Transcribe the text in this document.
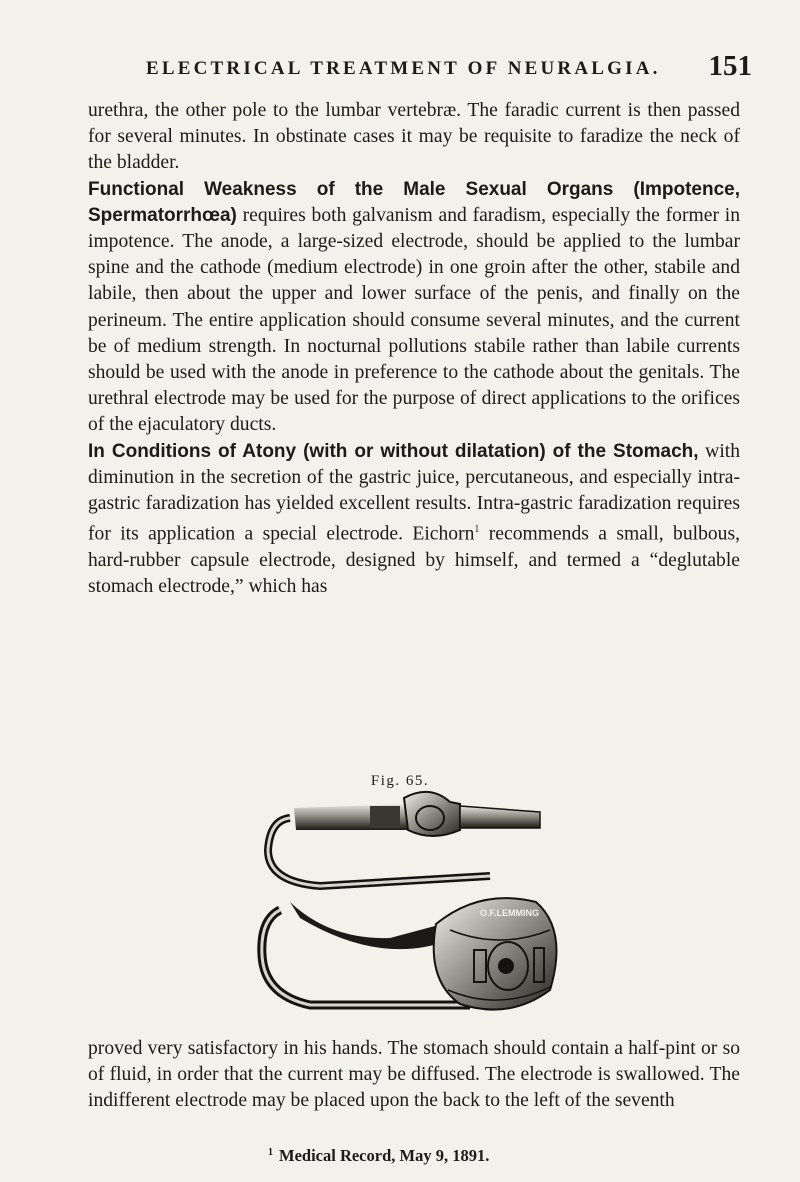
ELECTRICAL TREATMENT OF NEURALGIA. 151

urethra, the other pole to the lumbar vertebræ. The faradic current is then passed for several minutes. In obstinate cases it may be requisite to faradize the neck of the bladder.

Functional Weakness of the Male Sexual Organs (Impotence, Spermatorrhœa) requires both galvanism and faradism, especially the former in impotence. The anode, a large-sized electrode, should be applied to the lumbar spine and the cathode (medium electrode) in one groin after the other, stabile and labile, then about the upper and lower surface of the penis, and finally on the perineum. The entire application should consume several minutes, and the current be of medium strength. In nocturnal pollutions stabile rather than labile currents should be used with the anode in preference to the cathode about the genitals. The urethral electrode may be used for the purpose of direct applications to the orifices of the ejaculatory ducts.

In Conditions of Atony (with or without dilatation) of the Stomach, with diminution in the secretion of the gastric juice, percutaneous, and especially intra-gastric faradization has yielded excellent results. Intra-gastric faradization requires for its application a special electrode. Eichorn$^1$ recommends a small, bulbous, hard-rubber capsule electrode, designed by himself, and termed a “deglutable stomach electrode,” which has

Fig. 65.
O.F.LEMMING

proved very satisfactory in his hands. The stomach should contain a half-pint or so of fluid, in order that the current may be diffused. The electrode is swallowed. The indifferent electrode may be placed upon the back to the left of the seventh

$^1$ Medical Record, May 9, 1891.
